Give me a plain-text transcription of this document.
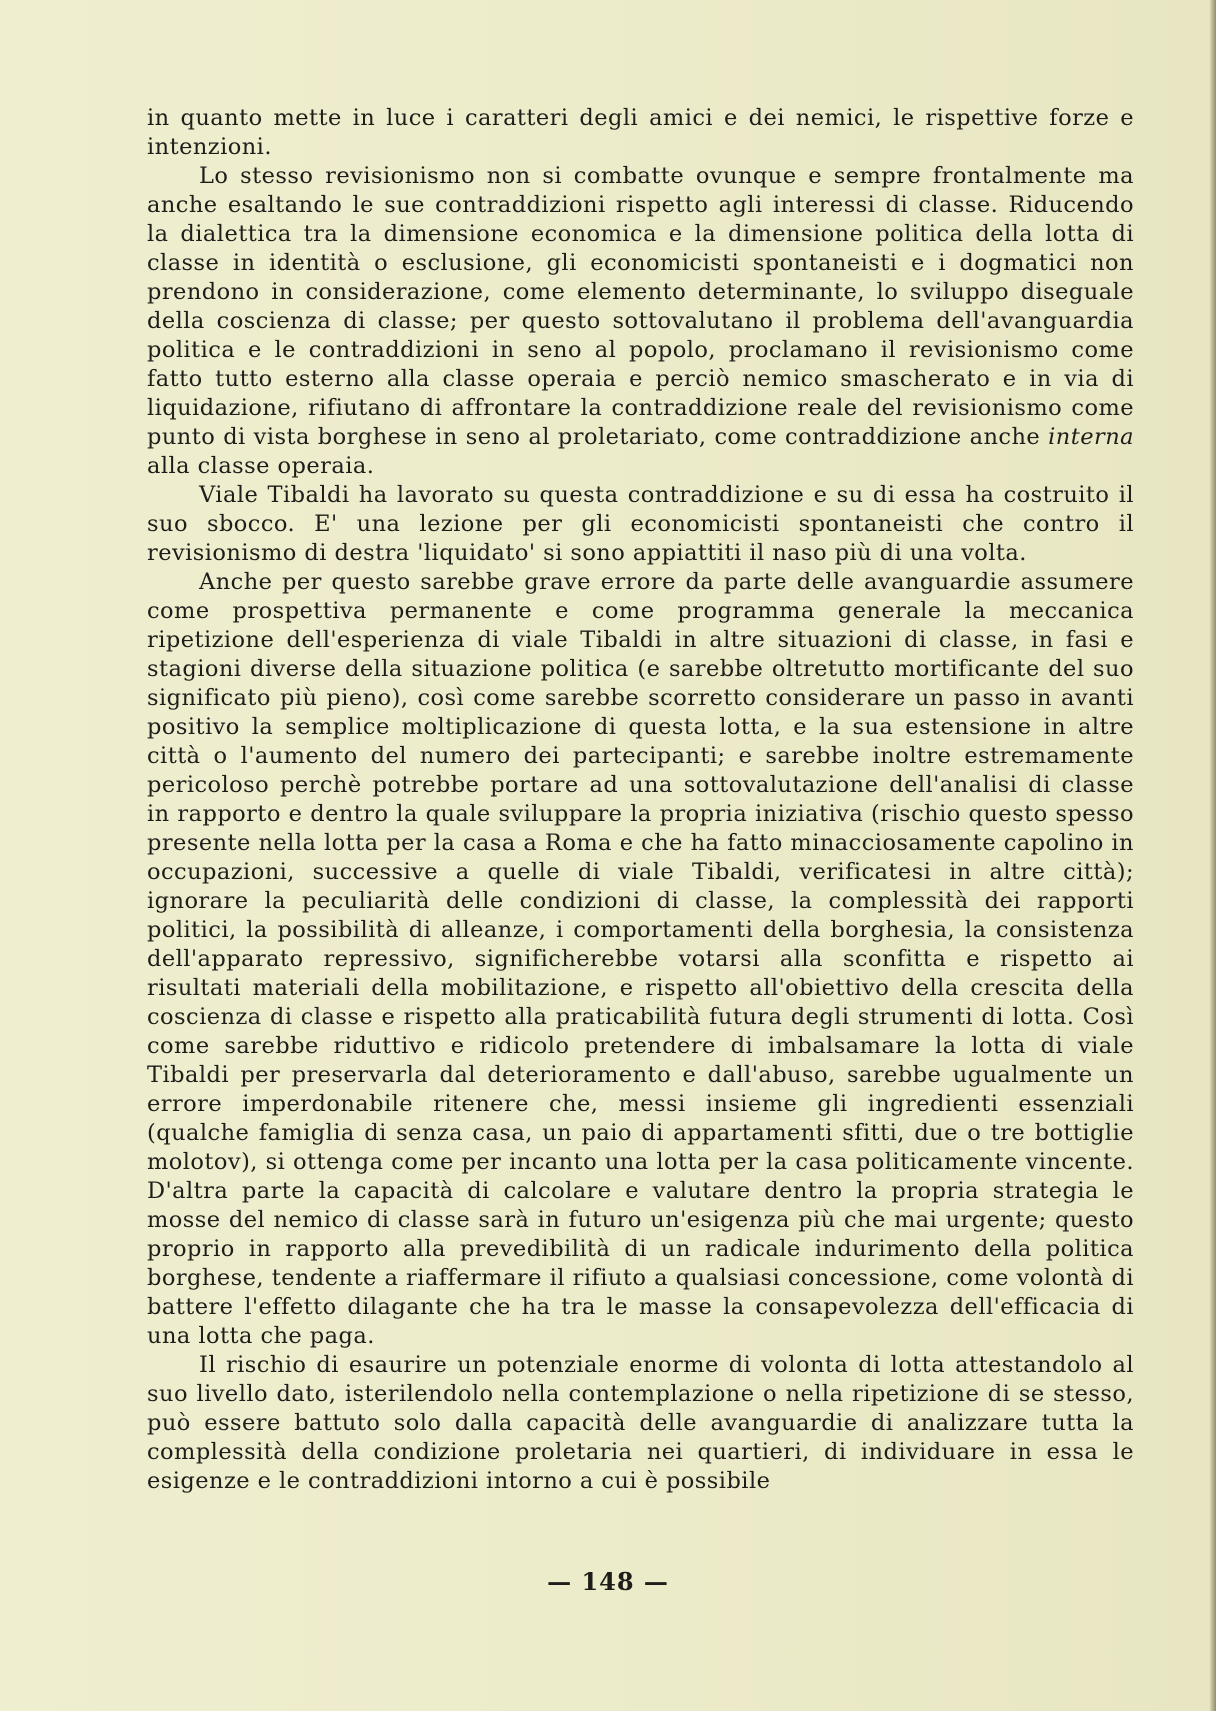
in quanto mette in luce i caratteri degli amici e dei nemici, le rispettive forze e intenzioni.

Lo stesso revisionismo non si combatte ovunque e sempre frontalmente ma anche esaltando le sue contraddizioni rispetto agli interessi di classe. Riducendo la dialettica tra la dimensione economica e la dimensione politica della lotta di classe in identità o esclusione, gli economicisti spontaneisti e i dogmatici non prendono in considerazione, come elemento determinante, lo sviluppo diseguale della coscienza di classe; per questo sottovalutano il problema dell'avanguardia politica e le contraddizioni in seno al popolo, proclamano il revisionismo come fatto tutto esterno alla classe operaia e perciò nemico smascherato e in via di liquidazione, rifiutano di affrontare la contraddizione reale del revisionismo come punto di vista borghese in seno al proletariato, come contraddizione anche interna alla classe operaia.

Viale Tibaldi ha lavorato su questa contraddizione e su di essa ha costruito il suo sbocco. E' una lezione per gli economicisti spontaneisti che contro il revisionismo di destra 'liquidato' si sono appiattiti il naso più di una volta.

Anche per questo sarebbe grave errore da parte delle avanguardie assumere come prospettiva permanente e come programma generale la meccanica ripetizione dell'esperienza di viale Tibaldi in altre situazioni di classe, in fasi e stagioni diverse della situazione politica (e sarebbe oltretutto mortificante del suo significato più pieno), così come sarebbe scorretto considerare un passo in avanti positivo la semplice moltiplicazione di questa lotta, e la sua estensione in altre città o l'aumento del numero dei partecipanti; e sarebbe inoltre estremamente pericoloso perchè potrebbe portare ad una sottovalutazione dell'analisi di classe in rapporto e dentro la quale sviluppare la propria iniziativa (rischio questo spesso presente nella lotta per la casa a Roma e che ha fatto minacciosamente capolino in occupazioni, successive a quelle di viale Tibaldi, verificatesi in altre città); ignorare la peculiarità delle condizioni di classe, la complessità dei rapporti politici, la possibilità di alleanze, i comportamenti della borghesia, la consistenza dell'apparato repressivo, significherebbe votarsi alla sconfitta e rispetto ai risultati materiali della mobilitazione, e rispetto all'obiettivo della crescita della coscienza di classe e rispetto alla praticabilità futura degli strumenti di lotta. Così come sarebbe riduttivo e ridicolo pretendere di imbalsamare la lotta di viale Tibaldi per preservarla dal deterioramento e dall'abuso, sarebbe ugualmente un errore imperdonabile ritenere che, messi insieme gli ingredienti essenziali (qualche famiglia di senza casa, un paio di appartamenti sfitti, due o tre bottiglie molotov), si ottenga come per incanto una lotta per la casa politicamente vincente. D'altra parte la capacità di calcolare e valutare dentro la propria strategia le mosse del nemico di classe sarà in futuro un'esigenza più che mai urgente; questo proprio in rapporto alla prevedibilità di un radicale indurimento della politica borghese, tendente a riaffermare il rifiuto a qualsiasi concessione, come volontà di battere l'effetto dilagante che ha tra le masse la consapevolezza dell'efficacia di una lotta che paga.

Il rischio di esaurire un potenziale enorme di volonta di lotta attestandolo al suo livello dato, isterilendolo nella contemplazione o nella ripetizione di se stesso, può essere battuto solo dalla capacità delle avanguardie di analizzare tutta la complessità della condizione proletaria nei quartieri, di individuare in essa le esigenze e le contraddizioni intorno a cui è possibile

— 148 —
